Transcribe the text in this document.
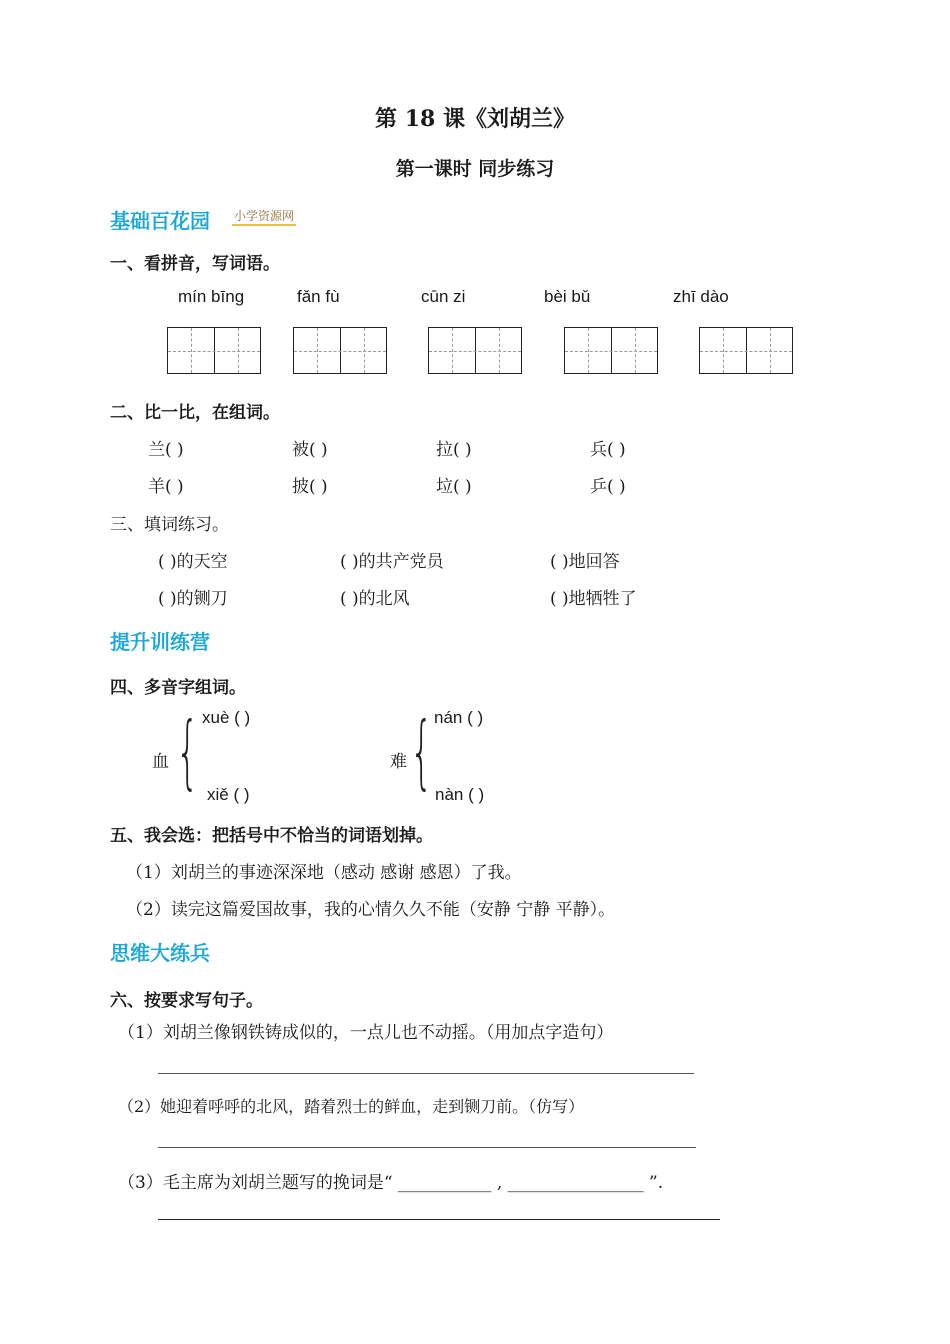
第 18 课《刘胡兰》
第一课时 同步练习
基础百花园 小学资源网
一、看拼音，写词语。
mín bīng	fǎn fù	cūn zi	bèi bǔ	zhī dào
二、比一比，在组词。
兰( )	被( )	拉( )	兵( )
羊( )	披( )	垃( )	乒( )
三、填词练习。
( )的天空	( )的共产党员	( )地回答
( )的铡刀	( )的北风	( )地牺牲了
提升训练营
四、多音字组词。
血 { xuè ( )
xiě ( )
难 { nán ( )
nàn ( )
五、我会选：把括号中不恰当的词语划掉。
（1）刘胡兰的事迹深深地（感动 感谢 感恩）了我。
（2）读完这篇爱国故事，我的心情久久不能（安静 宁静 平静）。
思维大练兵
六、按要求写句子。
（1）刘胡兰像钢铁铸成似的，一点儿也不动摇。（用加点字造句）
（2）她迎着呼呼的北风，踏着烈士的鲜血，走到铡刀前。（仿写）
（3）毛主席为刘胡兰题写的挽词是“ ___________ , ________________ ”.
